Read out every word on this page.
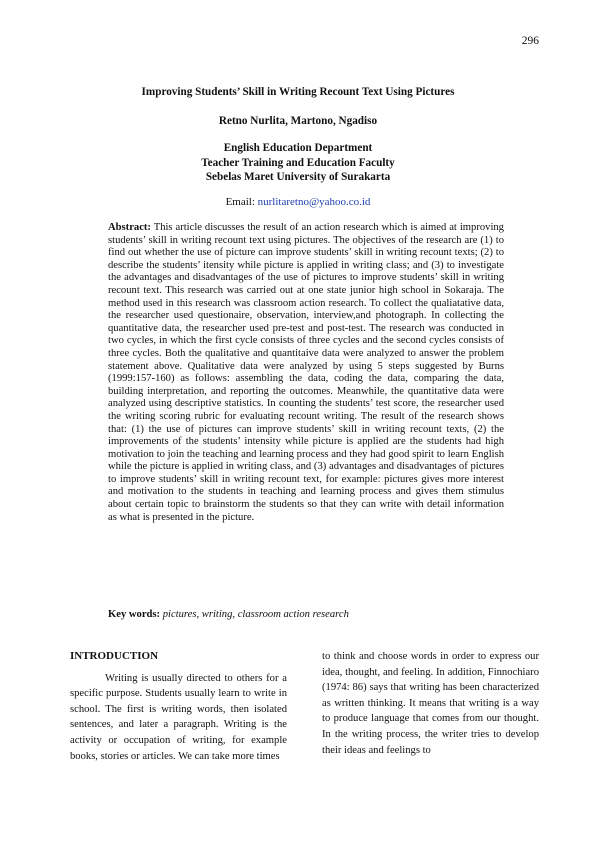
296
Improving Students’ Skill in Writing Recount Text Using Pictures
Retno Nurlita, Martono, Ngadiso
English Education Department
Teacher Training and Education Faculty
Sebelas Maret University of Surakarta
Email: nurlitaretno@yahoo.co.id
Abstract: This article discusses the result of an action research which is aimed at improving students’ skill in writing recount text using pictures. The objectives of the research are (1) to find out whether the use of picture can improve students’ skill in writing recount texts; (2) to describe the students’ itensity while picture is applied in writing class; and (3) to investigate the advantages and disadvantages of the use of pictures to improve students’ skill in writing recount text. This research was carried out at one state junior high school in Sokaraja. The method used in this research was classroom action research. To collect the qualiatative data, the researcher used questionaire, observation, interview,and photograph. In collecting the quantitative data, the researcher used pre-test and post-test. The research was conducted in two cycles, in which the first cycle consists of three cycles and the second cycles consists of three cycles. Both the qualitative and quantitaive data were analyzed to answer the problem statement above. Qualitative data were analyzed by using 5 steps suggested by Burns (1999:157-160) as follows: assembling the data, coding the data, comparing the data, building interpretation, and reporting the outcomes. Meanwhile, the quantitative data were analyzed using descriptive statistics. In counting the students’ test score, the researcher used the writing scoring rubric for evaluating recount writing. The result of the research shows that: (1) the use of pictures can improve students’ skill in writing recount texts, (2) the improvements of the students’ intensity while picture is applied are the students had high motivation to join the teaching and learning process and they had good spirit to learn English while the picture is applied in writing class, and (3) advantages and disadvantages of pictures to improve students’ skill in writing recount text, for example: pictures gives more interest and motivation to the students in teaching and learning process and gives them stimulus about certain topic to brainstorm the students so that they can write with detail information as what is presented in the picture.
Key words: pictures, writing, classroom action research
INTRODUCTION

Writing is usually directed to others for a specific purpose. Students usually learn to write in school. The first is writing words, then isolated sentences, and later a paragraph. Writing is the activity or occupation of writing, for example books, stories or articles. We can take more times

to think and choose words in order to express our idea, thought, and feeling. In addition, Finnochiaro (1974: 86) says that writing has been characterized as written thinking. It means that writing is a way to produce language that comes from our thought. In the writing process, the writer tries to develop their ideas and feelings to
